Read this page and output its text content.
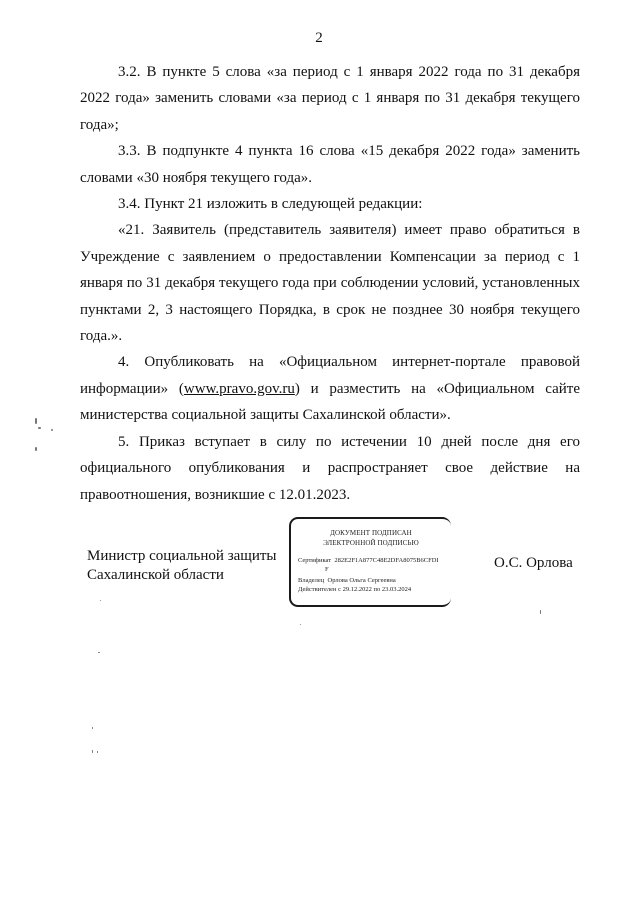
2

3.2. В пункте 5 слова «за период с 1 января 2022 года по 31 декабря 2022 года» заменить словами «за период с 1 января по 31 декабря текущего года»;

3.3. В подпункте 4 пункта 16 слова «15 декабря 2022 года» заменить словами «30 ноября текущего года».

3.4. Пункт 21 изложить в следующей редакции:

«21. Заявитель (представитель заявителя) имеет право обратиться в Учреждение с заявлением о предоставлении Компенсации за период с 1 января по 31 декабря текущего года при соблюдении условий, установленных пунктами 2, 3 настоящего Порядка, в срок не позднее 30 ноября текущего года.».

4. Опубликовать на «Официальном интернет-портале правовой информации» (www.pravo.gov.ru) и разместить на «Официальном сайте министерства социальной защиты Сахалинской области».

5. Приказ вступает в силу по истечении 10 дней после дня его официального опубликования и распространяет свое действие на правоотношения, возникшие с 12.01.2023.

Министр социальной защиты
Сахалинской области
ДОКУМЕНТ ПОДПИСАН
ЭЛЕКТРОННОЙ ПОДПИСЬЮ
Сертификат 282E2F1A877C48E2DFA8075B6CFDI
F
Владелец Орлова Ольга Сергеевна
Действителен с 29.12.2022 по 23.03.2024
О.С. Орлова
